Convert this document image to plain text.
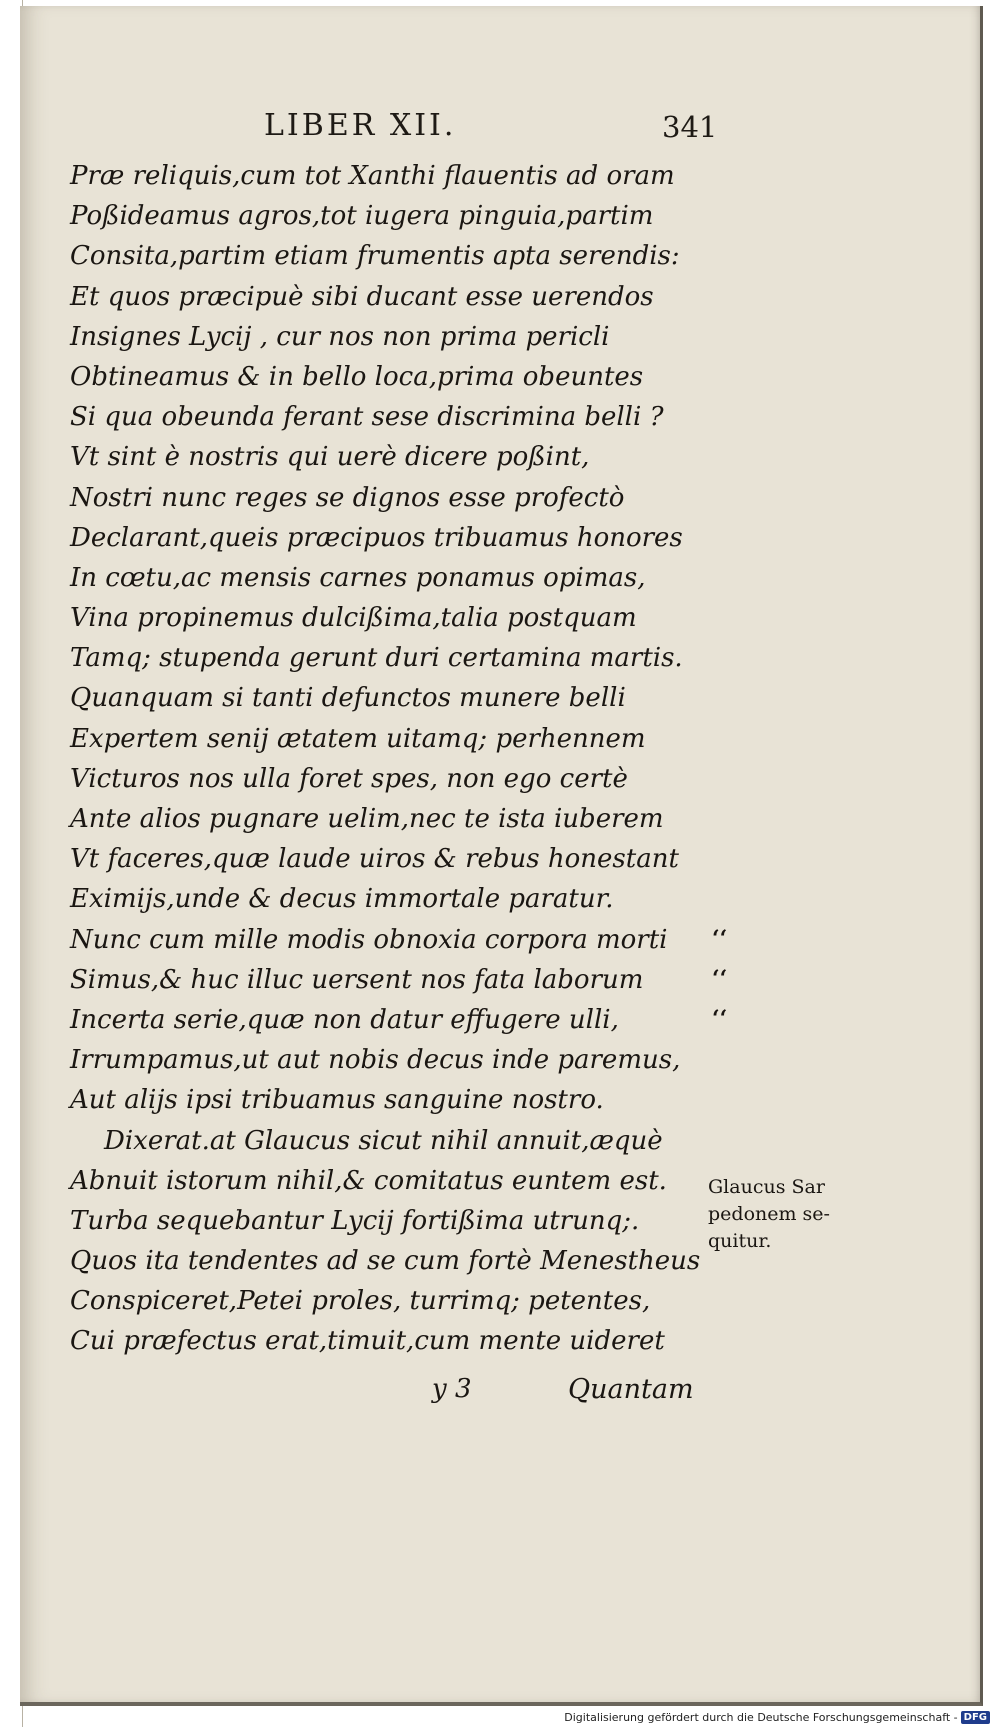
LIBER XII.	341
Præ reliquis,cum tot Xanthi flauentis ad oram
Poßideamus agros,tot iugera pinguia,partim
Consita,partim etiam frumentis apta serendis:
Et quos præcipuè sibi ducant esse uerendos
Insignes Lycij , cur nos non prima pericli
Obtineamus & in bello loca,prima obeuntes
Si qua obeunda ferant sese discrimina belli ?
Vt sint è nostris qui uerè dicere poßint,
Nostri nunc reges se dignos esse profectò
Declarant,queis præcipuos tribuamus honores
In cœtu,ac mensis carnes ponamus opimas,
Vina propinemus dulcißima,talia postquam
Tamq; stupenda gerunt duri certamina martis.
Quanquam si tanti defunctos munere belli
Expertem senij ætatem uitamq; perhennem
Victuros nos ulla foret spes, non ego certè
Ante alios pugnare uelim,nec te ista iuberem
Vt faceres,quæ laude uiros & rebus honestant
Eximijs,unde & decus immortale paratur.
Nunc cum mille modis obnoxia corpora morti
Simus,& huc illuc uersent nos fata laborum
Incerta serie,quæ non datur effugere ulli,
Irrumpamus,ut aut nobis decus inde paremus,
Aut alijs ipsi tribuamus sanguine nostro.
Dixerat.at Glaucus sicut nihil annuit,æquè
Abnuit istorum nihil,& comitatus euntem est.
Turba sequebantur Lycij fortißima utrunq;.
Quos ita tendentes ad se cum fortè Menestheus
Conspiceret,Petei proles, turrimq; petentes,
Cui præfectus erat,timuit,cum mente uideret
‘‘
‘‘
‘‘
Glaucus Sar
pedonem se-
quitur.
y 3	Quantam
Digitalisierung gefördert durch die Deutsche Forschungsgemeinschaft - DFG
